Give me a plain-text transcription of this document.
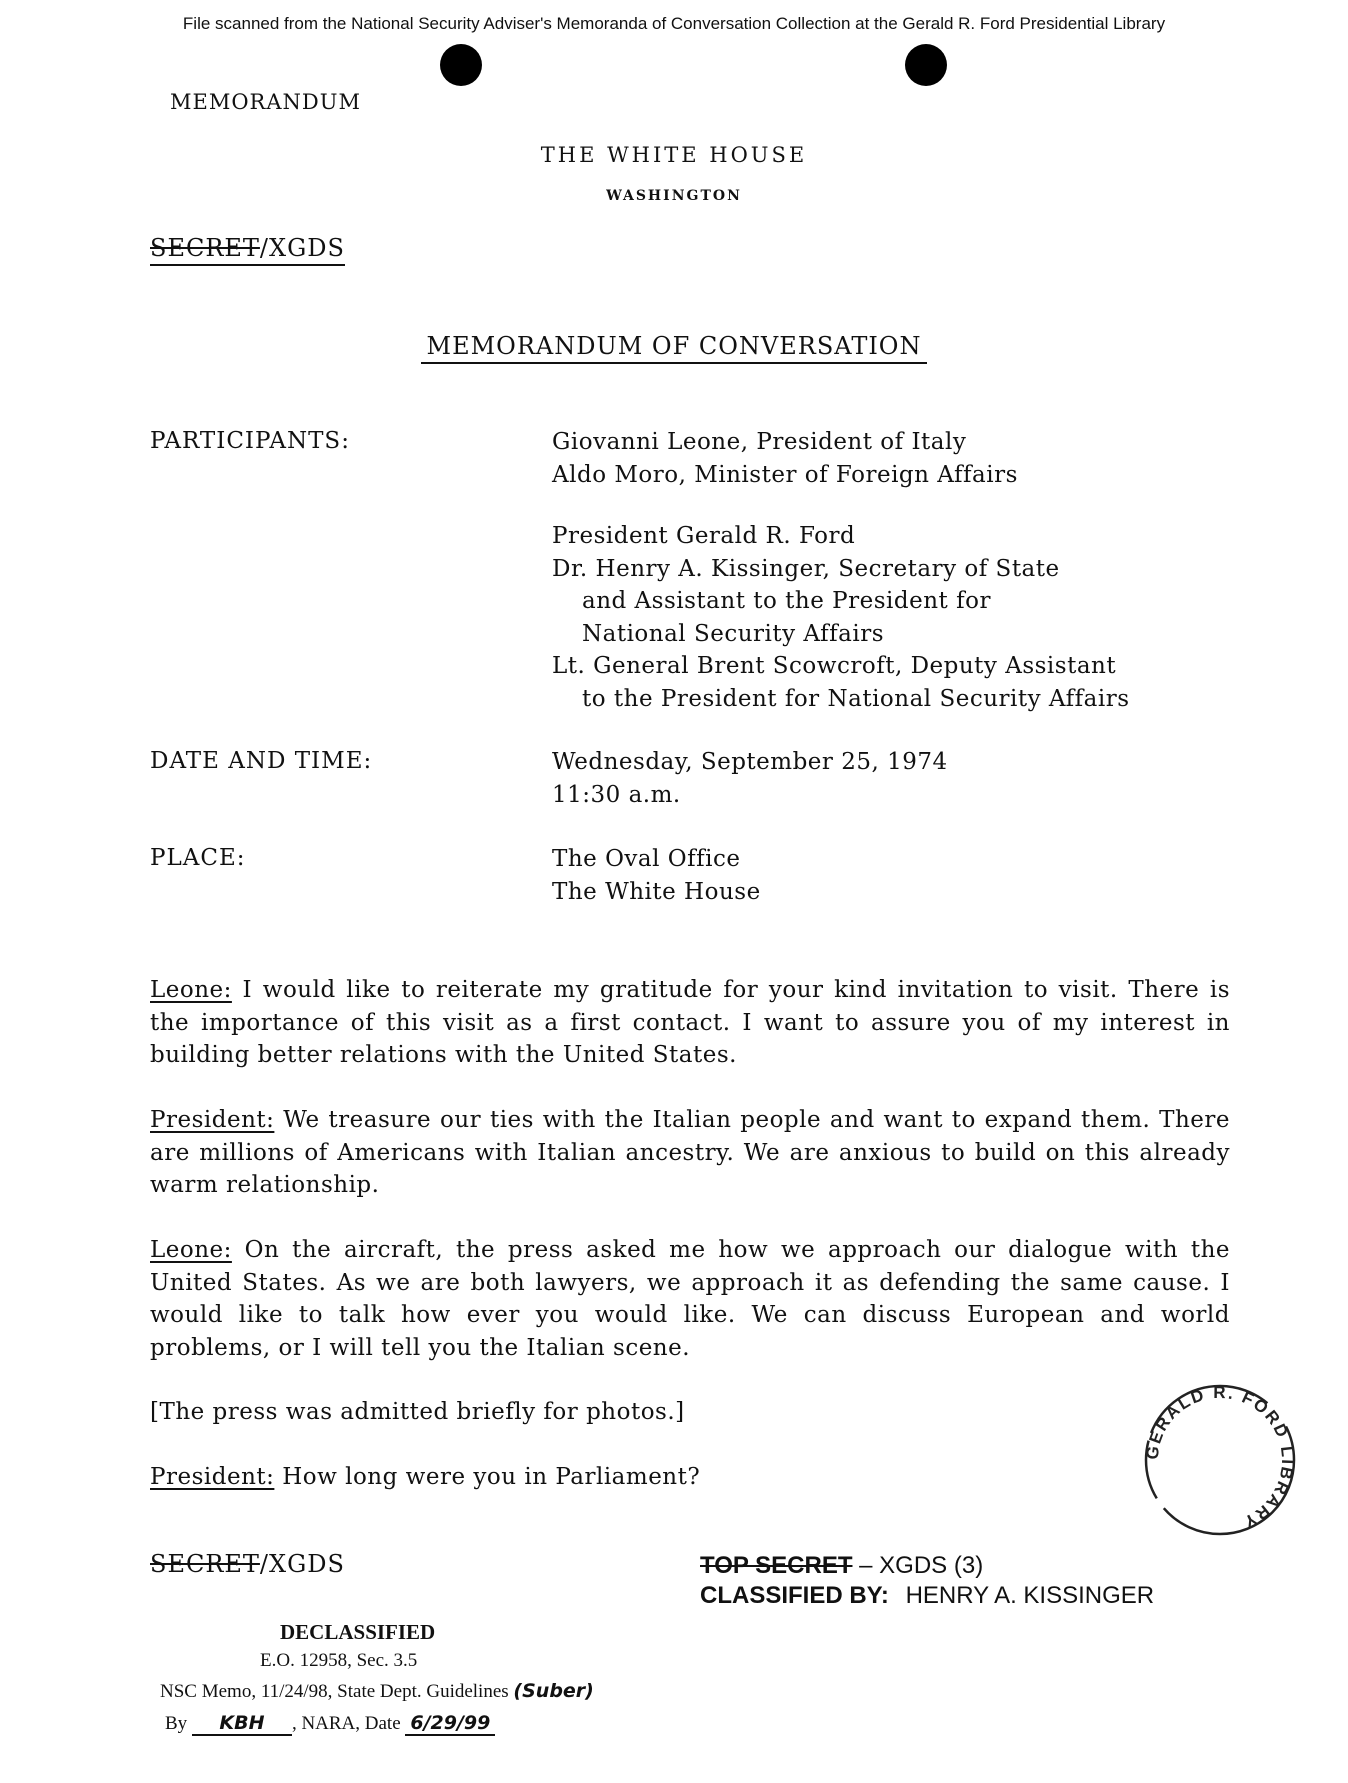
File scanned from the National Security Adviser's Memoranda of Conversation Collection at the Gerald R. Ford Presidential Library
MEMORANDUM
THE WHITE HOUSE
WASHINGTON
SECRET/XGDS
MEMORANDUM OF CONVERSATION
PARTICIPANTS:	Giovanni Leone, President of Italy
Aldo Moro, Minister of Foreign Affairs
President Gerald R. Ford
Dr. Henry A. Kissinger, Secretary of State
and Assistant to the President for
National Security Affairs
Lt. General Brent Scowcroft, Deputy Assistant
to the President for National Security Affairs
DATE AND TIME:	Wednesday, September 25, 1974
11:30 a.m.
PLACE:	The Oval Office
The White House
Leone: I would like to reiterate my gratitude for your kind invitation to visit. There is the importance of this visit as a first contact. I want to assure you of my interest in building better relations with the United States.
President: We treasure our ties with the Italian people and want to expand them. There are millions of Americans with Italian ancestry. We are anxious to build on this already warm relationship.
Leone: On the aircraft, the press asked me how we approach our dialogue with the United States. As we are both lawyers, we approach it as defending the same cause. I would like to talk how ever you would like. We can discuss European and world problems, or I will tell you the Italian scene.
[The press was admitted briefly for photos.]
President: How long were you in Parliament?
GERALD R. FORD LIBRARY
SECRET/XGDS	TOP SECRET – XGDS (3)
CLASSIFIED BY: HENRY A. KISSINGER
DECLASSIFIED
E.O. 12958, Sec. 3.5
NSC Memo, 11/24/98, State Dept. Guidelines (Suber)
By KBH , NARA, Date 6/29/99
